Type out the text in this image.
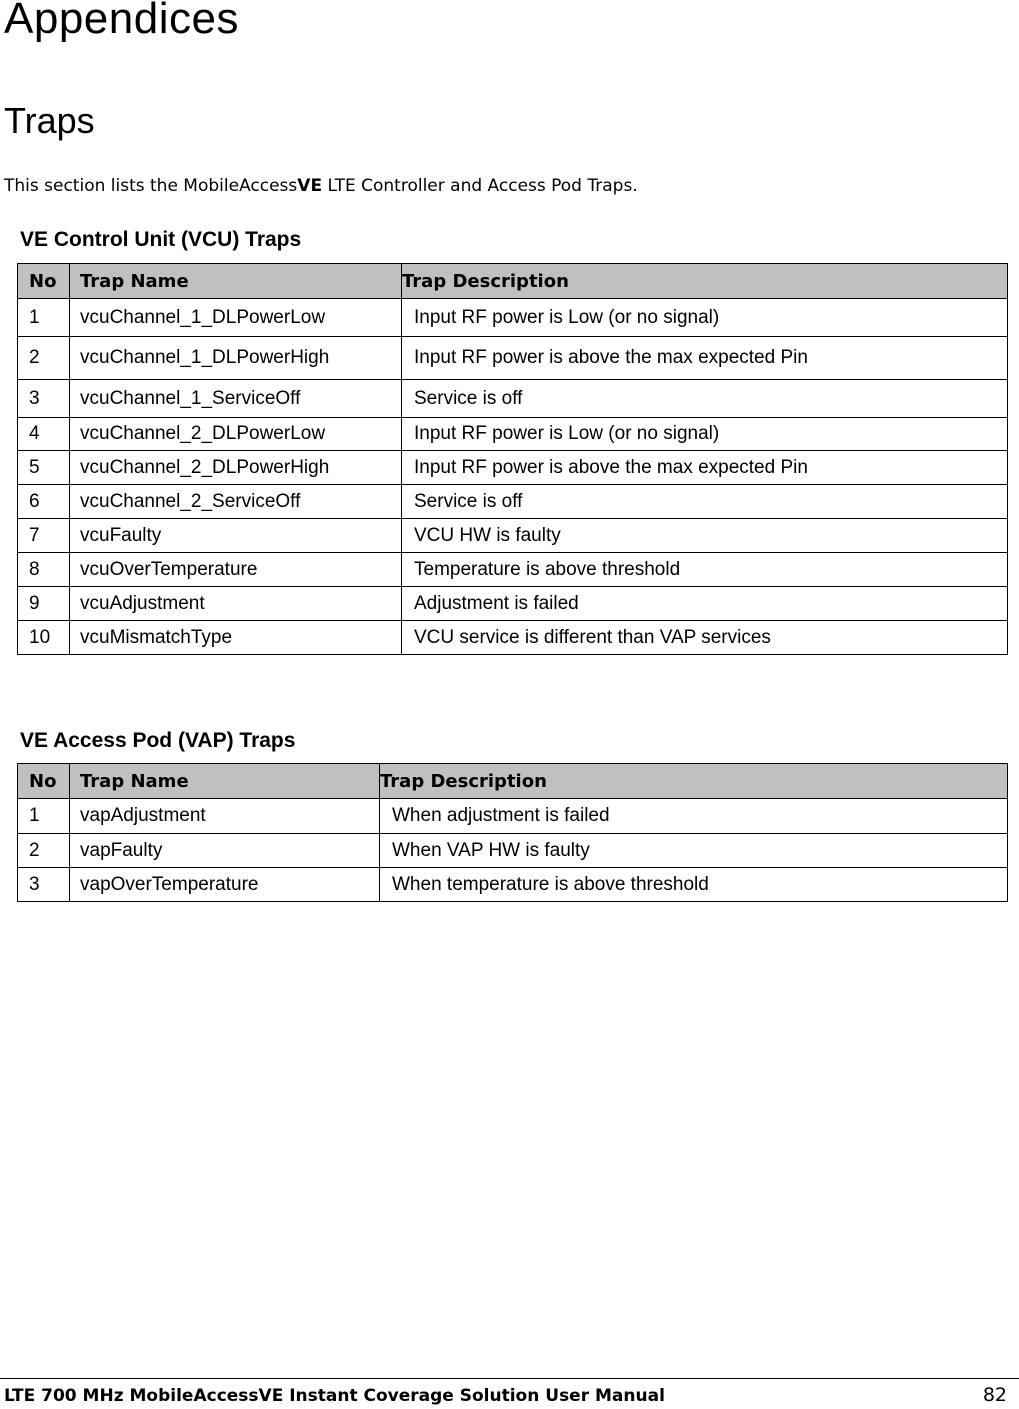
Appendices
Traps

This section lists the MobileAccessVE LTE Controller and Access Pod Traps.

VE Control Unit (VCU) Traps

No	Trap Name	Trap Description

1	vcuChannel_1_DLPowerLow	Input RF power is Low (or no signal)

2	vcuChannel_1_DLPowerHigh	Input RF power is above the max expected Pin

3	vcuChannel_1_ServiceOff	Service is off

4	vcuChannel_2_DLPowerLow	Input RF power is Low (or no signal)

5	vcuChannel_2_DLPowerHigh	Input RF power is above the max expected Pin

6	vcuChannel_2_ServiceOff	Service is off

7	vcuFaulty	VCU HW is faulty

8	vcuOverTemperature	Temperature is above threshold

9	vcuAdjustment	Adjustment is failed

10	vcuMismatchType	VCU service is different than VAP services

VE Access Pod (VAP) Traps

No	Trap Name	Trap Description

1	vapAdjustment	When adjustment is failed

2	vapFaulty	When VAP HW is faulty

3	vapOverTemperature	When temperature is above threshold
LTE 700 MHz MobileAccessVE Instant Coverage Solution User Manual	82
